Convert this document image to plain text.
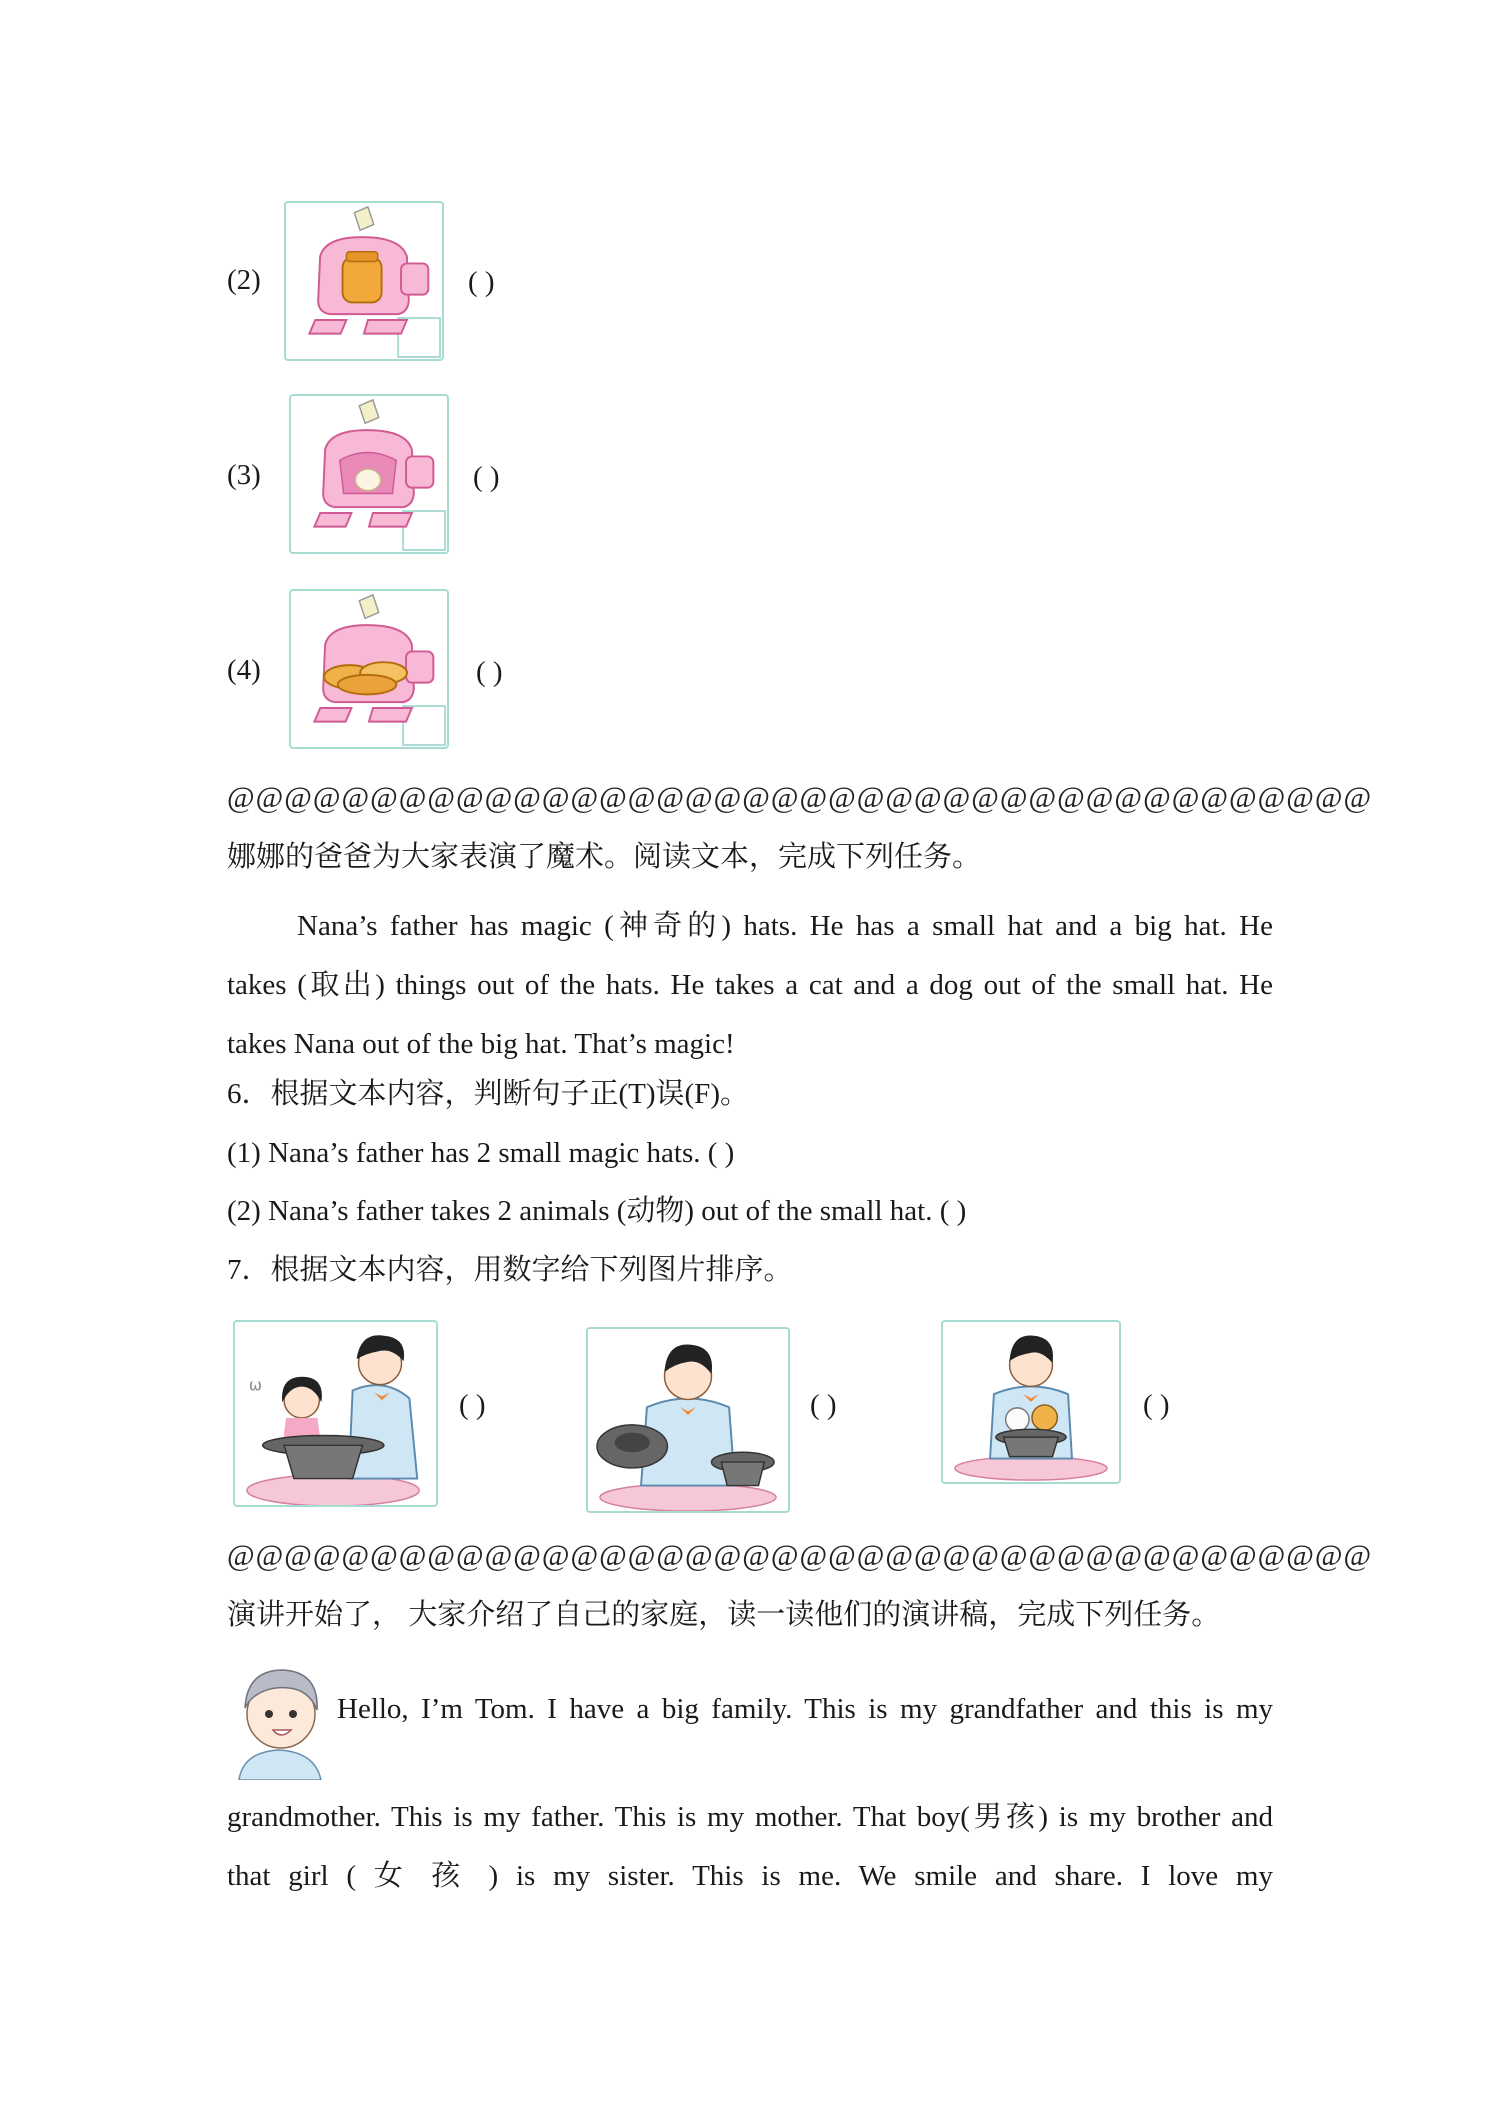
(2)	( )
(3)	( )
(4)	( )
@@@@@@@@@@@@@@@@@@@@@@@@@@@@@@@@@@@@@@@@
娜娜的爸爸为大家表演了魔术。阅读文本，完成下列任务。
Nana’s father has magic (神奇的) hats. He has a small hat and a big hat. He
takes (取出) things out of the hats. He takes a cat and a dog out of the small hat. He
takes Nana out of the big hat. That’s magic!
6．根据文本内容，判断句子正(T)误(F)。
(1) Nana’s father has 2 small magic hats. ( )
(2) Nana’s father takes 2 animals (动物) out of the small hat. ( )
7．根据文本内容，用数字给下列图片排序。
ω
( )	( )	( )
@@@@@@@@@@@@@@@@@@@@@@@@@@@@@@@@@@@@@@@@
演讲开始了， 大家介绍了自己的家庭，读一读他们的演讲稿，完成下列任务。
Hello, I’m Tom. I have a big family. This is my grandfather and this is my
grandmother. This is my father. This is my mother. That boy(男孩) is my brother and
that girl ( 女 孩 ) is my sister. This is me. We smile and share. I love my
